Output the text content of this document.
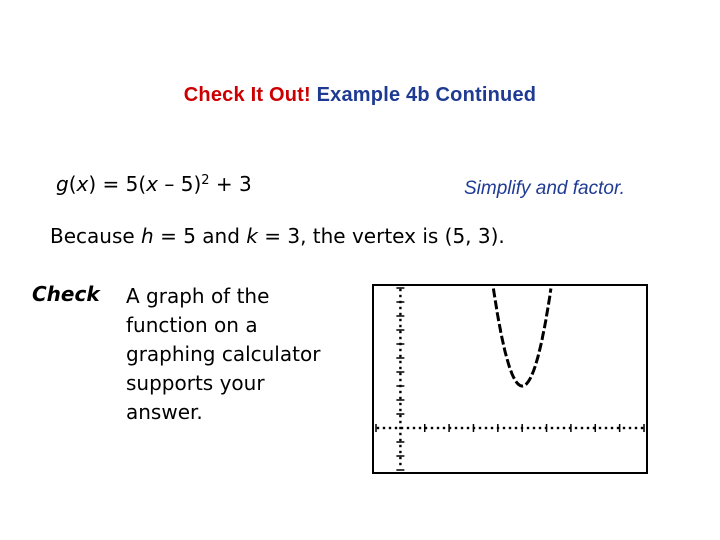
Check It Out! Example 4b Continued
g(x) = 5(x – 5)$^2$ + 3	Simplify and factor.
Because h = 5 and k = 3, the vertex is (5, 3).
Check A graph of the
function on a
graphing calculator
supports your
answer.
